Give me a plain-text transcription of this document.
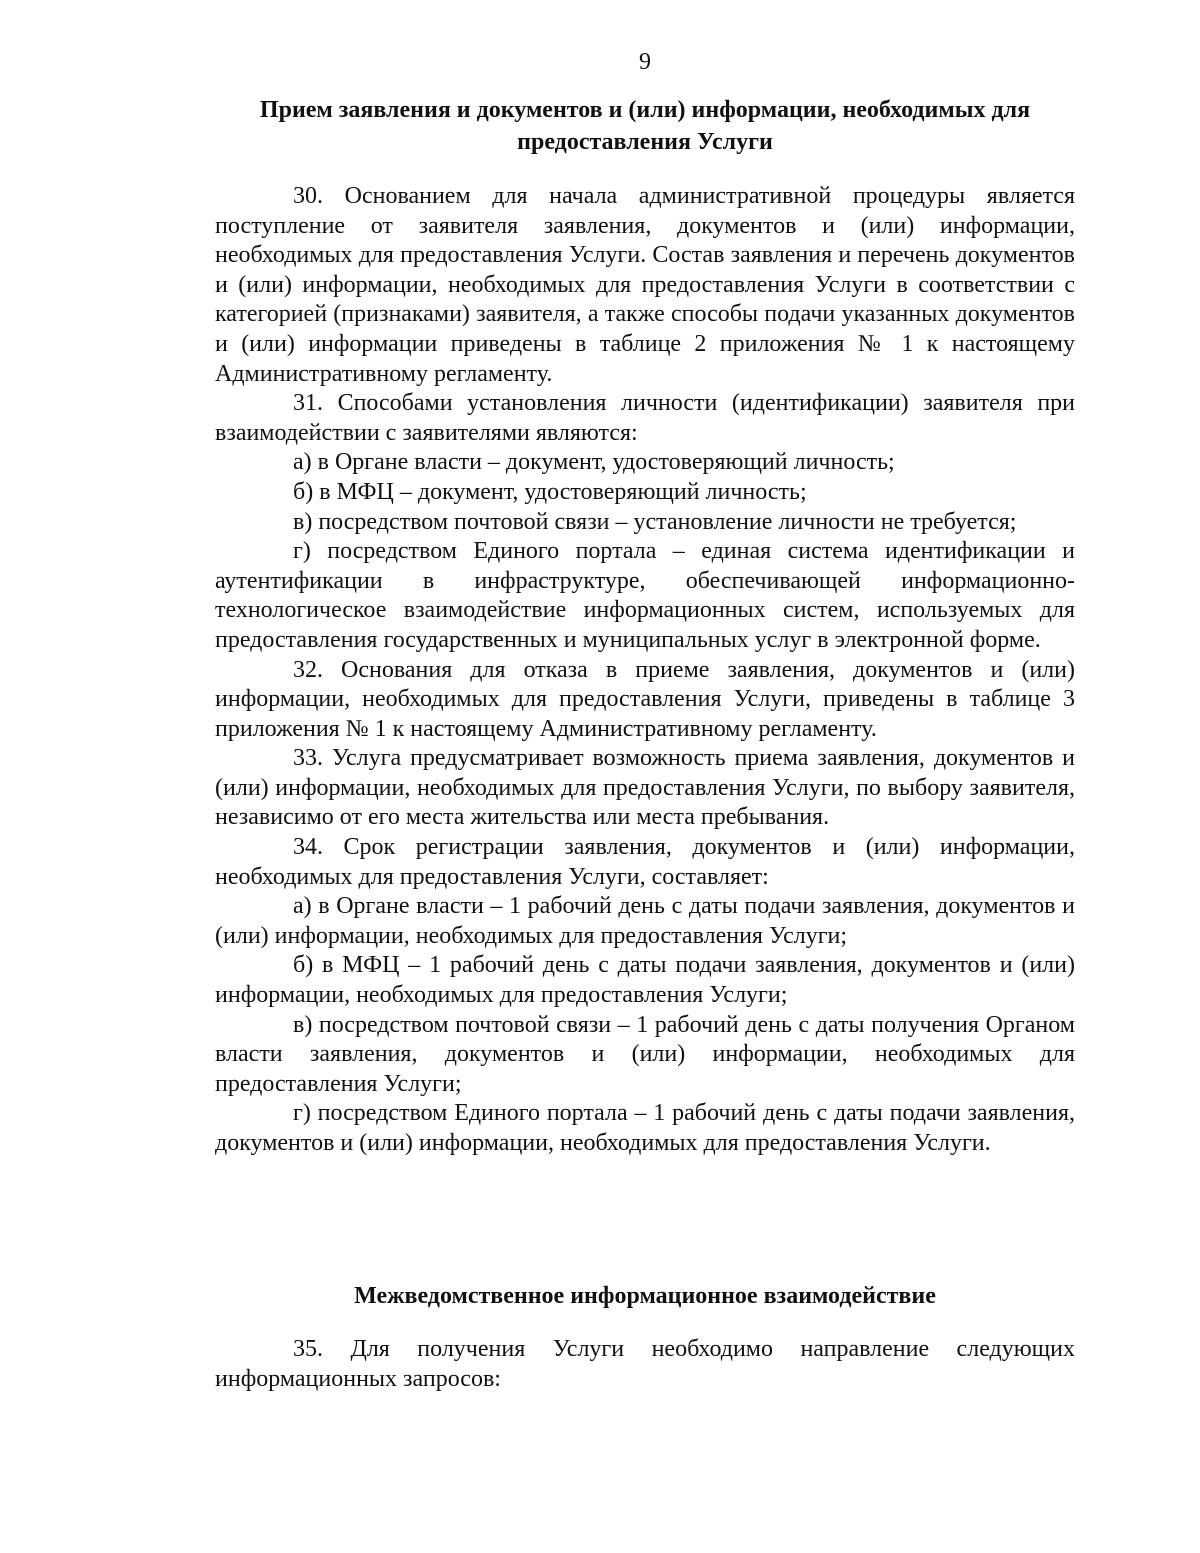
9
Прием заявления и документов и (или) информации, необходимых для предоставления Услуги

30. Основанием для начала административной процедуры является поступление от заявителя заявления, документов и (или) информации, необходимых для предоставления Услуги. Состав заявления и перечень документов и (или) информации, необходимых для предоставления Услуги в соответствии с категорией (признаками) заявителя, а также способы подачи указанных документов и (или) информации приведены в таблице 2 приложения № 1 к настоящему Административному регламенту.

31. Способами установления личности (идентификации) заявителя при взаимодействии с заявителями являются:

а) в Органе власти – документ, удостоверяющий личность;

б) в МФЦ – документ, удостоверяющий личность;

в) посредством почтовой связи – установление личности не требуется;

г) посредством Единого портала – единая система идентификации и аутентификации в инфраструктуре, обеспечивающей информационно-технологическое взаимодействие информационных систем, используемых для предоставления государственных и муниципальных услуг в электронной форме.

32. Основания для отказа в приеме заявления, документов и (или) информации, необходимых для предоставления Услуги, приведены в таблице 3 приложения № 1 к настоящему Административному регламенту.

33. Услуга предусматривает возможность приема заявления, документов и (или) информации, необходимых для предоставления Услуги, по выбору заявителя, независимо от его места жительства или места пребывания.

34. Срок регистрации заявления, документов и (или) информации, необходимых для предоставления Услуги, составляет:

а) в Органе власти – 1 рабочий день с даты подачи заявления, документов и (или) информации, необходимых для предоставления Услуги;

б) в МФЦ – 1 рабочий день с даты подачи заявления, документов и (или) информации, необходимых для предоставления Услуги;

в) посредством почтовой связи – 1 рабочий день с даты получения Органом власти заявления, документов и (или) информации, необходимых для предоставления Услуги;

г) посредством Единого портала – 1 рабочий день с даты подачи заявления, документов и (или) информации, необходимых для предоставления Услуги.

Межведомственное информационное взаимодействие

35. Для получения Услуги необходимо направление следующих информационных запросов:
